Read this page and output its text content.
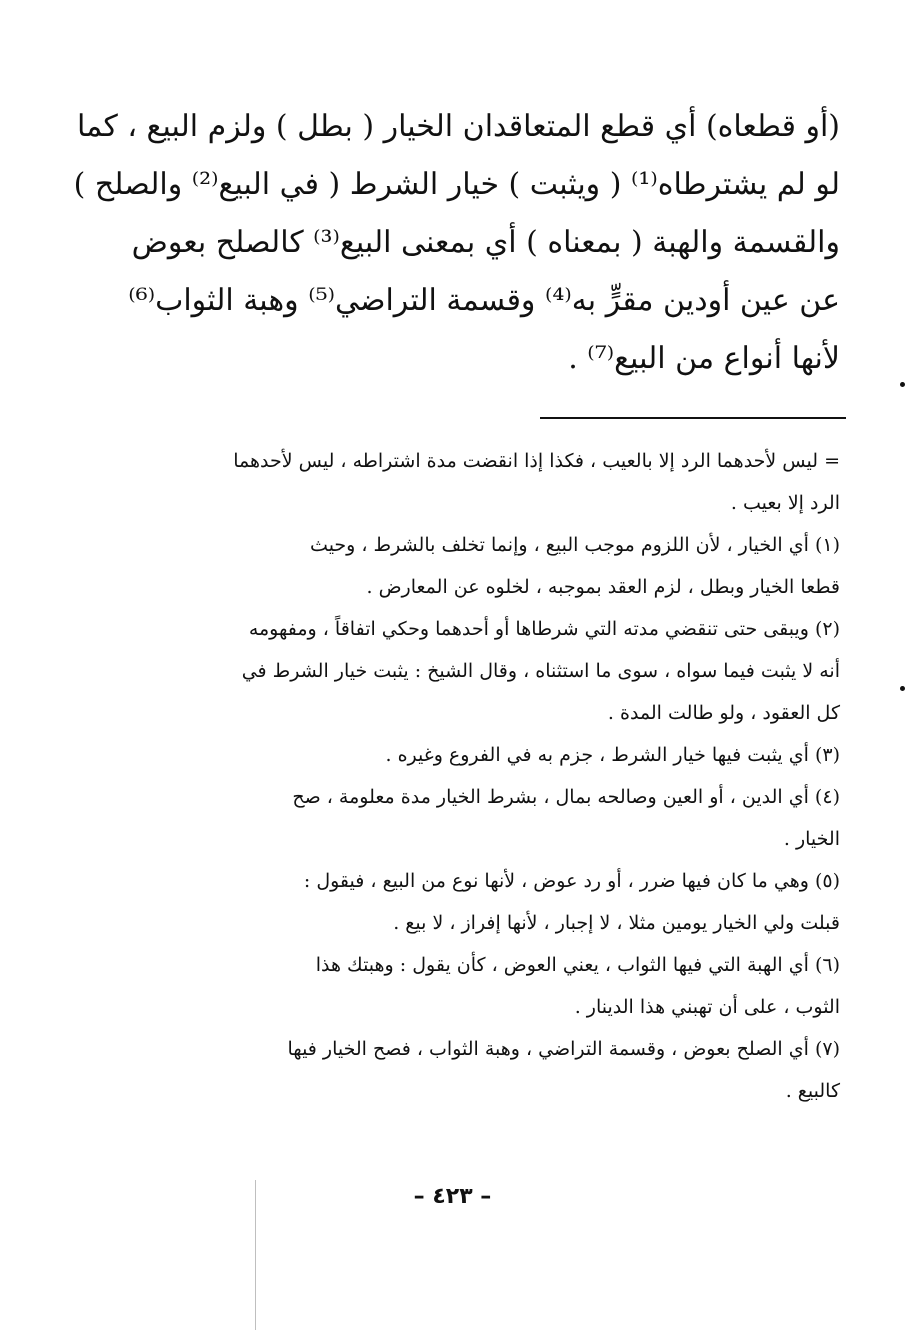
(أو قطعاه) أي قطع المتعاقدان الخيار ( بطل ) ولزم البيع ، كما
لو لم يشترطاه⁽¹⁾ ( ويثبت ) خيار الشرط ( في البيع⁽²⁾ والصلح )
والقسمة والهبة ( بمعناه ) أي بمعنى البيع⁽³⁾ كالصلح بعوض
عن عين أودين مقرٍّ به⁽⁴⁾ وقسمة التراضي⁽⁵⁾ وهبة الثواب⁽⁶⁾
لأنها أنواع من البيع⁽⁷⁾ .
= ليس لأحدهما الرد إلا بالعيب ، فكذا إذا انقضت مدة اشتراطه ، ليس لأحدهما
الرد إلا بعيب .
(١) أي الخيار ، لأن اللزوم موجب البيع ، وإنما تخلف بالشرط ، وحيث
قطعا الخيار وبطل ، لزم العقد بموجبه ، لخلوه عن المعارض .
(٢) ويبقى حتى تنقضي مدته التي شرطاها أو أحدهما وحكي اتفاقاً ، ومفهومه
أنه لا يثبت فيما سواه ، سوى ما استثناه ، وقال الشيخ : يثبت خيار الشرط في
كل العقود ، ولو طالت المدة .
(٣) أي يثبت فيها خيار الشرط ، جزم به في الفروع وغيره .
(٤) أي الدين ، أو العين وصالحه بمال ، بشرط الخيار مدة معلومة ، صح
الخيار .
(٥) وهي ما كان فيها ضرر ، أو رد عوض ، لأنها نوع من البيع ، فيقول :
قبلت ولي الخيار يومين مثلا ، لا إجبار ، لأنها إفراز ، لا بيع .
(٦) أي الهبة التي فيها الثواب ، يعني العوض ، كأن يقول : وهبتك هذا
الثوب ، على أن تهبني هذا الدينار .
(٧) أي الصلح بعوض ، وقسمة التراضي ، وهبة الثواب ، فصح الخيار فيها
كالبيع .
– ٤٢٣ –
